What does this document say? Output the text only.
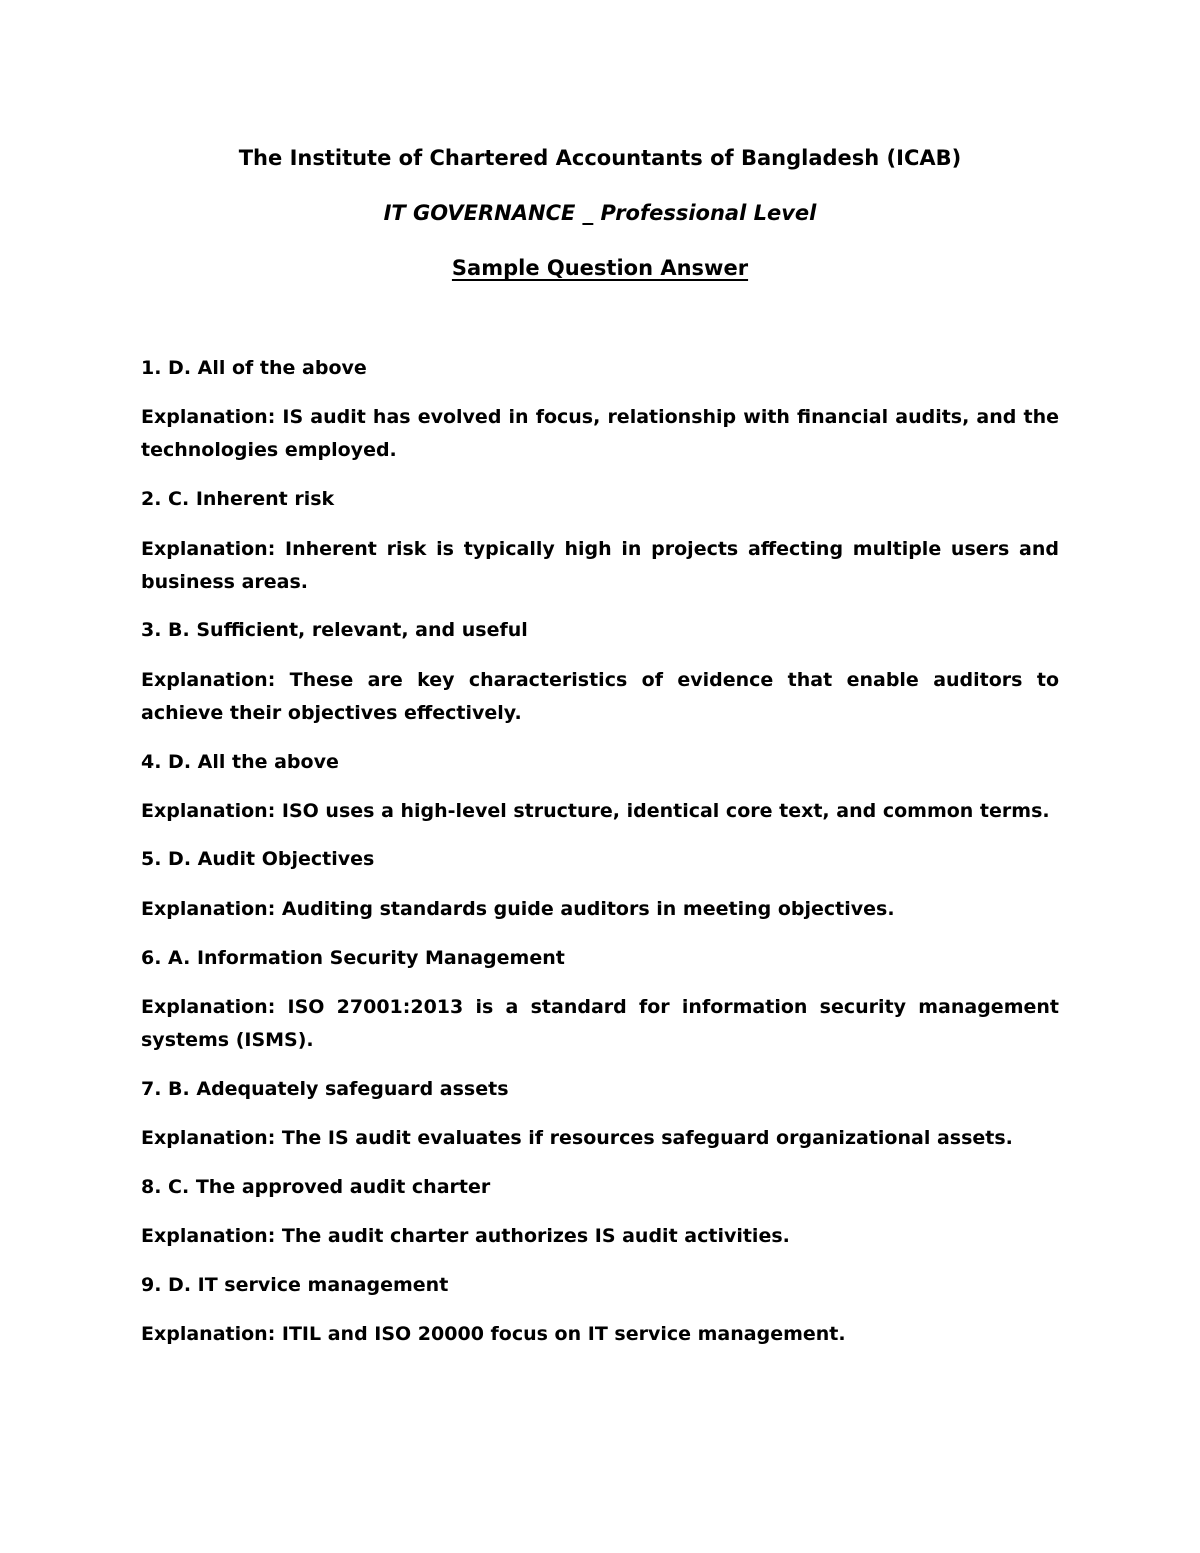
The Institute of Chartered Accountants of Bangladesh (ICAB)
IT GOVERNANCE _ Professional Level
Sample Question Answer

1. D. All of the above

Explanation: IS audit has evolved in focus, relationship with financial audits, and the technologies employed.

2. C. Inherent risk

Explanation: Inherent risk is typically high in projects affecting multiple users and business areas.

3. B. Sufficient, relevant, and useful

Explanation: These are key characteristics of evidence that enable auditors to achieve their objectives effectively.

4. D. All the above

Explanation: ISO uses a high-level structure, identical core text, and common terms.

5. D. Audit Objectives

Explanation: Auditing standards guide auditors in meeting objectives.

6. A. Information Security Management

Explanation: ISO 27001:2013 is a standard for information security management systems (ISMS).

7. B. Adequately safeguard assets

Explanation: The IS audit evaluates if resources safeguard organizational assets.

8. C. The approved audit charter

Explanation: The audit charter authorizes IS audit activities.

9. D. IT service management

Explanation: ITIL and ISO 20000 focus on IT service management.
